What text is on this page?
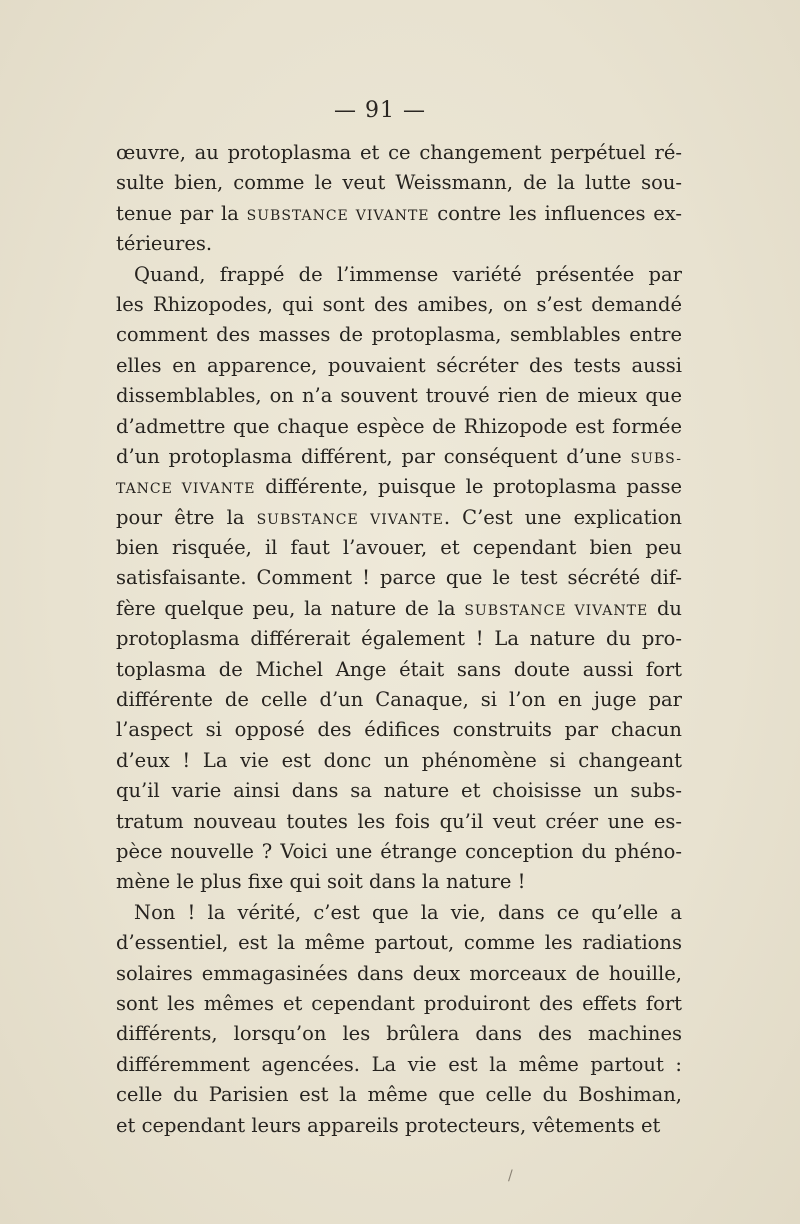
— 91 —
œuvre, au protoplasma et ce changement perpétuel ré-
sulte bien, comme le veut Weissmann, de la lutte sou-
tenue par la SUBSTANCE VIVANTE contre les influences ex-
térieures.
Quand, frappé de l’immense variété présentée par
les Rhizopodes, qui sont des amibes, on s’est demandé
comment des masses de protoplasma, semblables entre
elles en apparence, pouvaient sécréter des tests aussi
dissemblables, on n’a souvent trouvé rien de mieux que
d’admettre que chaque espèce de Rhizopode est formée
d’un protoplasma différent, par conséquent d’une SUBS-
TANCE VIVANTE différente, puisque le protoplasma passe
pour être la SUBSTANCE VIVANTE. C’est une explication
bien risquée, il faut l’avouer, et cependant bien peu
satisfaisante. Comment ! parce que le test sécrété dif-
fère quelque peu, la nature de la SUBSTANCE VIVANTE du
protoplasma différerait également ! La nature du pro-
toplasma de Michel Ange était sans doute aussi fort
différente de celle d’un Canaque, si l’on en juge par
l’aspect si opposé des édifices construits par chacun
d’eux ! La vie est donc un phénomène si changeant
qu’il varie ainsi dans sa nature et choisisse un subs-
tratum nouveau toutes les fois qu’il veut créer une es-
pèce nouvelle ? Voici une étrange conception du phéno-
mène le plus fixe qui soit dans la nature !
Non ! la vérité, c’est que la vie, dans ce qu’elle a
d’essentiel, est la même partout, comme les radiations
solaires emmagasinées dans deux morceaux de houille,
sont les mêmes et cependant produiront des effets fort
différents, lorsqu’on les brûlera dans des machines
différemment agencées. La vie est la même partout :
celle du Parisien est la même que celle du Boshiman,
et cependant leurs appareils protecteurs, vêtements et
/
